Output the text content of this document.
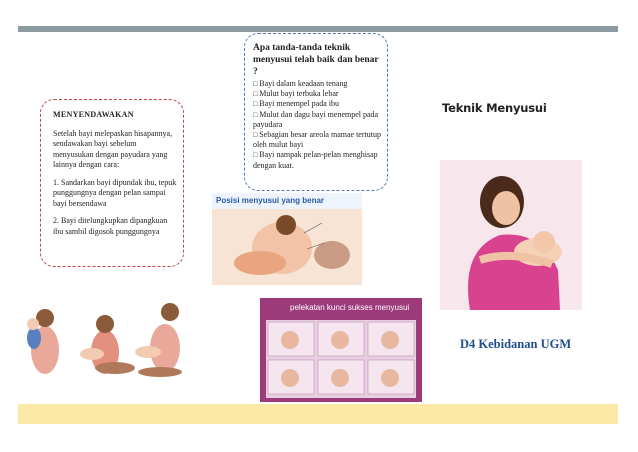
MENYENDAWAKAN

Setelah bayi melepaskan hisapannya, sendawakan bayi sebelum menyusukan dengan payudara yang lainnya dengan cara:

1. Sandarkan bayi dipundak ibu, tepuk punggungnya dengan pelan sampai bayi bersendawa

2. Bayi ditelungkupkan dipangkuan ibu sambil digosok punggungnya

Apa tanda-tanda teknik menyusui telah baik dan benar ?
□ Bayi dalam keadaan tenang
□ Mulut bayi terbuka lebar
□ Bayi menempel pada ibu
□ Mulut dan dagu bayi menempel pada payudara
□ Sebagian besar areola mamae tertutup oleh mulut bayi
□ Bayi nampak pelan-pelan menghisap dengan kuat.
Teknik Menyusui
Posisi menyusui yang benar
pelekatan kunci sukses menyusui
D4 Kebidanan UGM
